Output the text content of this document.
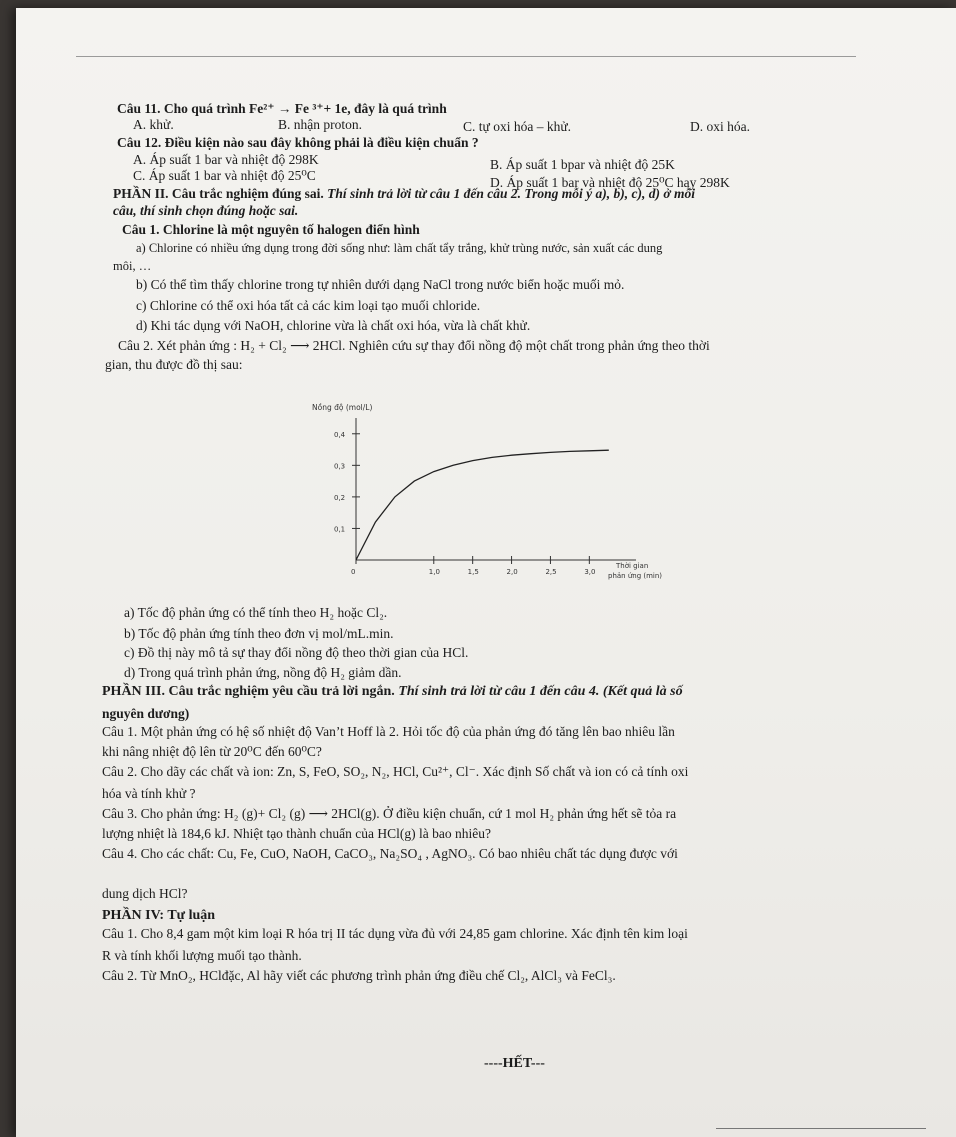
Câu 11. Cho quá trình Fe²⁺ → Fe ³⁺+ 1e, đây là quá trình
A. khử.	B. nhận proton.	C. tự oxi hóa – khử.	D. oxi hóa.
Câu 12. Điều kiện nào sau đây không phải là điều kiện chuẩn ?
A. Áp suất 1 bar và nhiệt độ 298K	B. Áp suất 1 bpar và nhiệt độ 25K
C. Áp suất 1 bar và nhiệt độ 25⁰C	D. Áp suất 1 bar và nhiệt độ 25⁰C hay 298K
PHẦN II. Câu trắc nghiệm đúng sai. Thí sinh trả lời từ câu 1 đến câu 2. Trong mỗi ý a), b), c), d) ở mỗi
câu, thí sinh chọn đúng hoặc sai.
Câu 1. Chlorine là một nguyên tố halogen điển hình
a) Chlorine có nhiều ứng dụng trong đời sống như: làm chất tẩy trắng, khử trùng nước, sản xuất các dung
môi, …
b) Có thể tìm thấy chlorine trong tự nhiên dưới dạng NaCl trong nước biển hoặc muối mỏ.
c) Chlorine có thể oxi hóa tất cả các kim loại tạo muối chloride.
d) Khi tác dụng với NaOH, chlorine vừa là chất oxi hóa, vừa là chất khử.
Câu 2. Xét phản ứng : H₂ + Cl₂ ⟶ 2HCl. Nghiên cứu sự thay đổi nồng độ một chất trong phản ứng theo thời
gian, thu được đồ thị sau:
Nồng độ (mol/L)
Thời gian
phản ứng (min)
0,1
0,2
0,3
0,4
0	1,0	1,5	2,0	2,5	3,0
a) Tốc độ phản ứng có thể tính theo H₂ hoặc Cl₂.
b) Tốc độ phản ứng tính theo đơn vị mol/mL.min.
c) Đồ thị này mô tả sự thay đổi nồng độ theo thời gian của HCl.
d) Trong quá trình phản ứng, nồng độ H₂ giảm dần.
PHẦN III. Câu trắc nghiệm yêu cầu trả lời ngắn. Thí sinh trả lời từ câu 1 đến câu 4. (Kết quả là số
nguyên dương)
Câu 1. Một phản ứng có hệ số nhiệt độ Van’t Hoff là 2. Hỏi tốc độ của phản ứng đó tăng lên bao nhiêu lần
khi nâng nhiệt độ lên từ 20⁰C đến 60⁰C?
Câu 2. Cho dãy các chất và ion: Zn, S, FeO, SO₂, N₂, HCl, Cu²⁺, Cl⁻. Xác định Số chất và ion có cả tính oxi
hóa và tính khử ?
Câu 3. Cho phản ứng: H₂ (g)+ Cl₂ (g) ⟶ 2HCl(g). Ở điều kiện chuẩn, cứ 1 mol H₂ phản ứng hết sẽ tỏa ra
lượng nhiệt là 184,6 kJ. Nhiệt tạo thành chuẩn của HCl(g) là bao nhiêu?
Câu 4. Cho các chất: Cu, Fe, CuO, NaOH, CaCO₃, Na₂SO₄ , AgNO₃. Có bao nhiêu chất tác dụng được với
dung dịch HCl?
PHẦN IV: Tự luận
Câu 1. Cho 8,4 gam một kim loại R hóa trị II tác dụng vừa đủ với 24,85 gam chlorine. Xác định tên kim loại
R và tính khối lượng muối tạo thành.
Câu 2. Từ MnO₂, HClđặc, Al hãy viết các phương trình phản ứng điều chế Cl₂, AlCl₃ và FeCl₃.
----HẾT---
